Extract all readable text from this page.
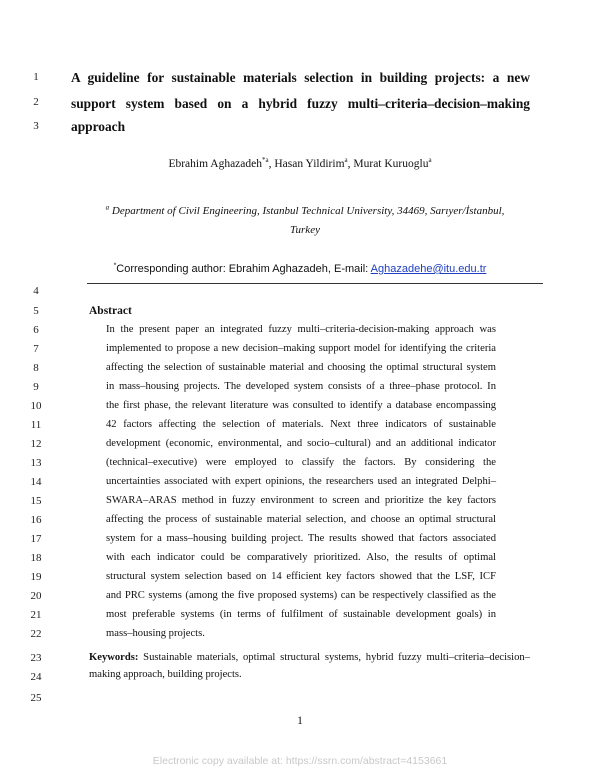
A guideline for sustainable materials selection in building projects: a new
support system based on a hybrid fuzzy multi–criteria–decision–making
approach
Ebrahim Aghazadeh$^{*a}$, Hasan Yildirim$^a$, Murat Kuruoglu$^a$
$^a$ Department of Civil Engineering, Istanbul Technical University, 34469, Sarıyer/İstanbul,
Turkey
*Corresponding author: Ebrahim Aghazadeh, E-mail: Aghazadehe@itu.edu.tr
1
2
3
4
5
6
7
8
9
10
11
12
13
14
15
16
17
18
19
20
21
22
23
24
25
Abstract
In the present paper an integrated fuzzy multi–criteria-decision-making approach was
implemented to propose a new decision–making support model for identifying the criteria
affecting the selection of sustainable material and choosing the optimal structural system
in mass–housing projects. The developed system consists of a three–phase protocol. In
the first phase, the relevant literature was consulted to identify a database encompassing
42 factors affecting the selection of materials. Next three indicators of sustainable
development (economic, environmental, and socio–cultural) and an additional indicator
(technical–executive) were employed to classify the factors. By considering the
uncertainties associated with expert opinions, the researchers used an integrated Delphi–
SWARA–ARAS method in fuzzy environment to screen and prioritize the key factors
affecting the process of sustainable material selection, and choose an optimal structural
system for a mass–housing building project. The results showed that factors associated
with each indicator could be comparatively prioritized. Also, the results of optimal
structural system selection based on 14 efficient key factors showed that the LSF, ICF
and PRC systems (among the five proposed systems) can be respectively classified as the
most preferable systems (in terms of fulfilment of sustainable development goals) in
mass–housing projects.
Keywords: Sustainable materials, optimal structural systems, hybrid fuzzy multi–criteria–decision–
making approach, building projects.
1
Electronic copy available at: https://ssrn.com/abstract=4153661
